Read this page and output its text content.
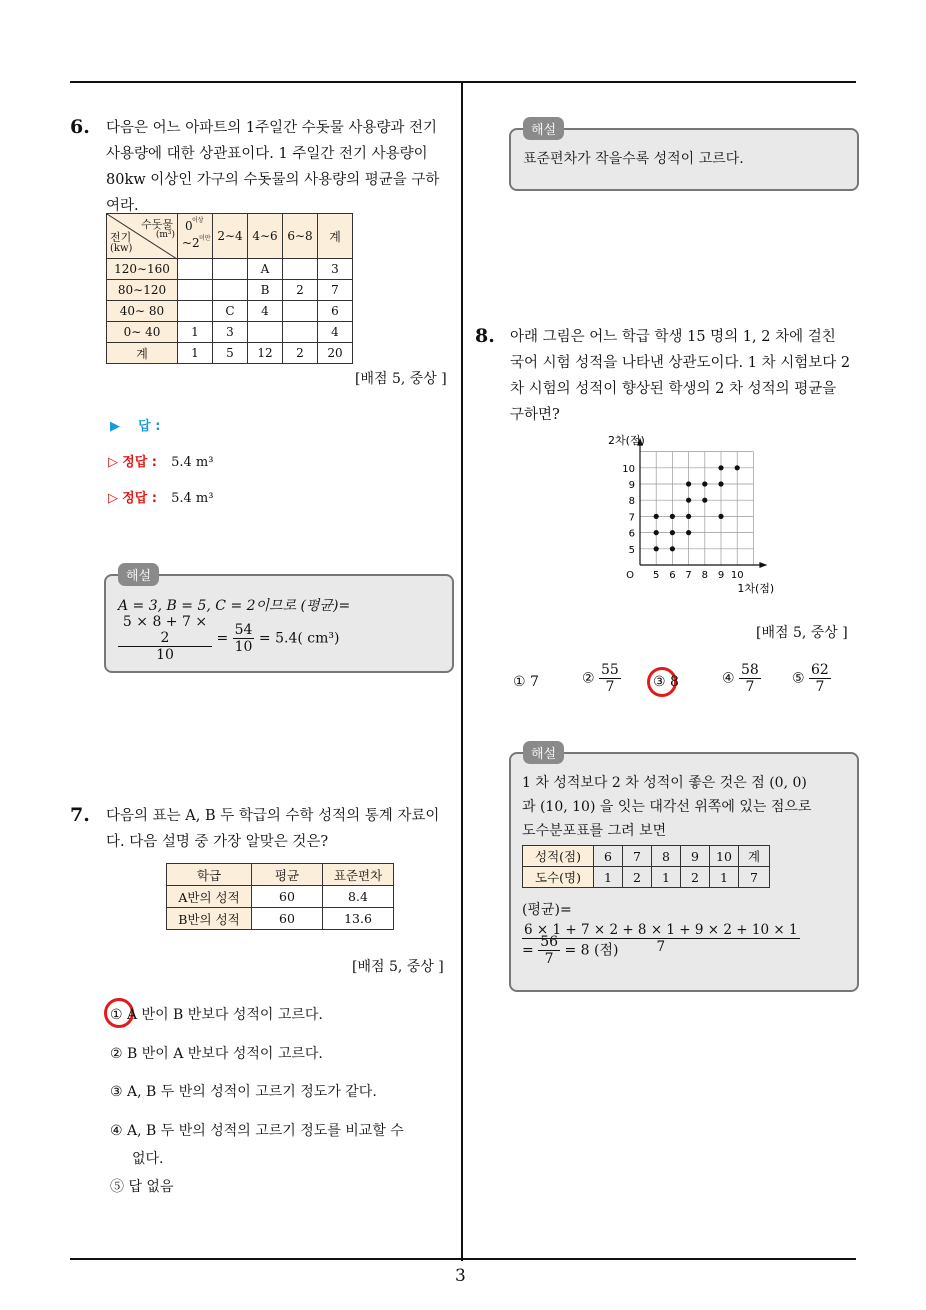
3
6. 다음은 어느 아파트의 1주일간 수돗물 사용량과 전기

사용량에 대한 상관표이다. 1 주일간 전기 사용량이

80kw 이상인 가구의 수돗물의 사용량의 평균을 구하

여라.

수돗물
(m³)
전기
(kw)	이상
0
~2 미만	2∼4	4∼6	6∼8	계
120∼160			A		3
80∼120			B	2	7
40∼ 80		C	4		6
0∼ 40	1	3			4
계	1	5	12	2	20
[배점 5, 중상 ]
▶ 답 :
▷ 정답 : 5.4 m³
▷ 정답 : 5.4 m³
해설
A = 3, B = 5, C = 2이므로 (평균)=
$\frac{5 \times 8 + 7 \times 2}{10} = \frac{54}{10} = 5.4$( cm³)
7. 다음의 표는 A, B 두 학급의 수학 성적의 통계 자료이

다. 다음 설명 중 가장 알맞은 것은?

학급	평균	표준편차
A반의 성적	60	8.4
B반의 성적	60	13.6
[배점 5, 중상 ]
① A 반이 B 반보다 성적이 고르다.
② B 반이 A 반보다 성적이 고르다.
③ A, B 두 반의 성적이 고르기 정도가 같다.
④ A, B 두 반의 성적의 고르기 정도를 비교할 수
없다.
⑤ 답 없음
해설
표준편차가 작을수록 성적이 고르다.
8. 아래 그림은 어느 학급 학생 15 명의 1, 2 차에 걸친

국어 시험 성적을 나타낸 상관도이다. 1 차 시험보다 2

차 시험의 성적이 향상된 학생의 2 차 성적의 평균을

구하면?

5 6 7 8 9 10
5
6
7
8
9
10
O
2차(점)
1차(점)
[배점 5, 중상 ]
① 7	② $\frac{55}{7}$ ③ 8	④ $\frac{58}{7}$ ⑤ $\frac{62}{7}$
해설
1 차 성적보다 2 차 성적이 좋은 것은 점 (0, 0)
과 (10, 10) 을 잇는 대각선 위쪽에 있는 점으로
도수분포표를 그려 보면
성적(점)	6	7	8	9	10	계
도수(명)	1	2	1	2	1	7
(평균)=
$\frac{6 \times 1 + 7 \times 2 + 8 \times 1 + 9 \times 2 + 10 \times 1}{7}$
= $\frac{56}{7} = 8$ (점)
